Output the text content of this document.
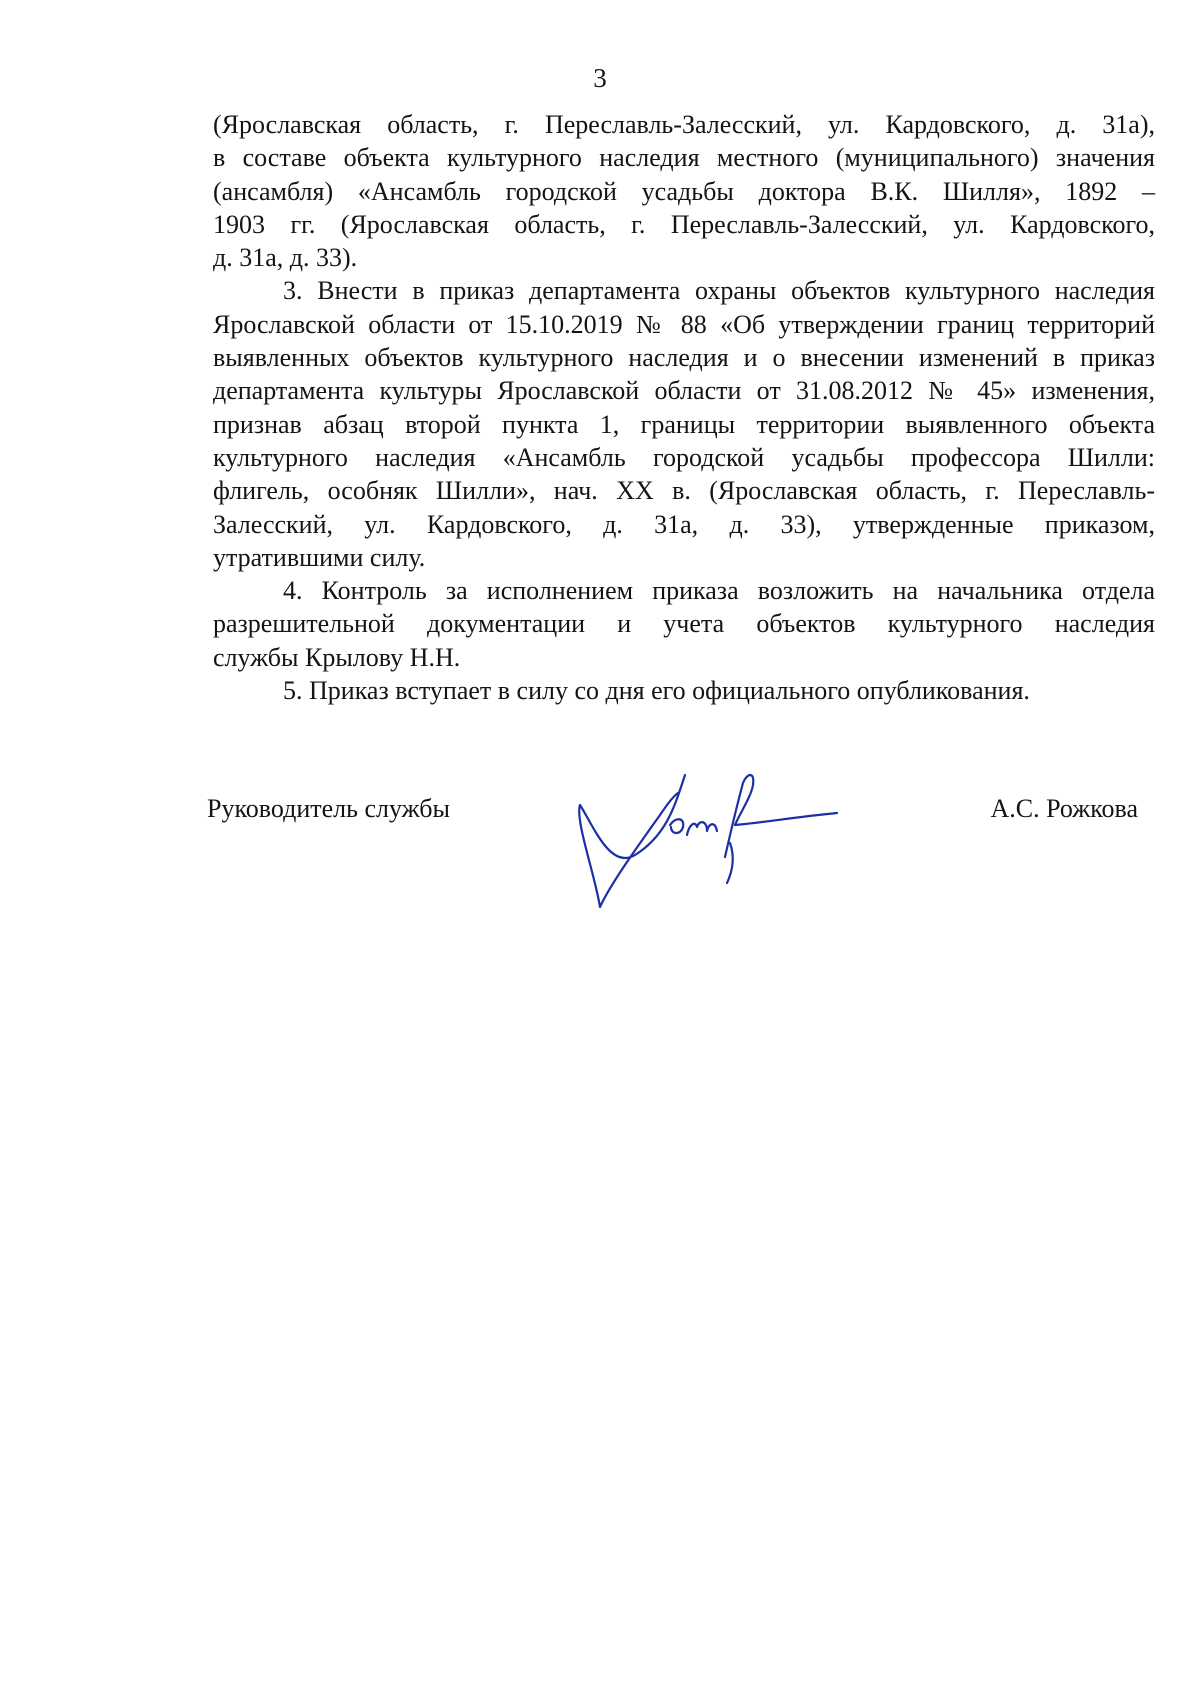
3
(Ярославская область, г. Переславль-Залесский, ул. Кардовского, д. 31а),
в составе объекта культурного наследия местного (муниципального) значения
(ансамбля) «Ансамбль городской усадьбы доктора В.К. Шилля», 1892 –
1903 гг. (Ярославская область, г. Переславль-Залесский, ул. Кардовского,
д. 31а, д. 33).
3. Внести в приказ департамента охраны объектов культурного наследия
Ярославской области от 15.10.2019 № 88 «Об утверждении границ территорий
выявленных объектов культурного наследия и о внесении изменений в приказ
департамента культуры Ярославской области от 31.08.2012 № 45» изменения,
признав абзац второй пункта 1, границы территории выявленного объекта
культурного наследия «Ансамбль городской усадьбы профессора Шилли:
флигель, особняк Шилли», нач. XX в. (Ярославская область, г. Переславль-
Залесский, ул. Кардовского, д. 31а, д. 33), утвержденные приказом,
утратившими силу.
4. Контроль за исполнением приказа возложить на начальника отдела
разрешительной документации и учета объектов культурного наследия
службы Крылову Н.Н.
5. Приказ вступает в силу со дня его официального опубликования.
Руководитель службы	А.С. Рожкова
